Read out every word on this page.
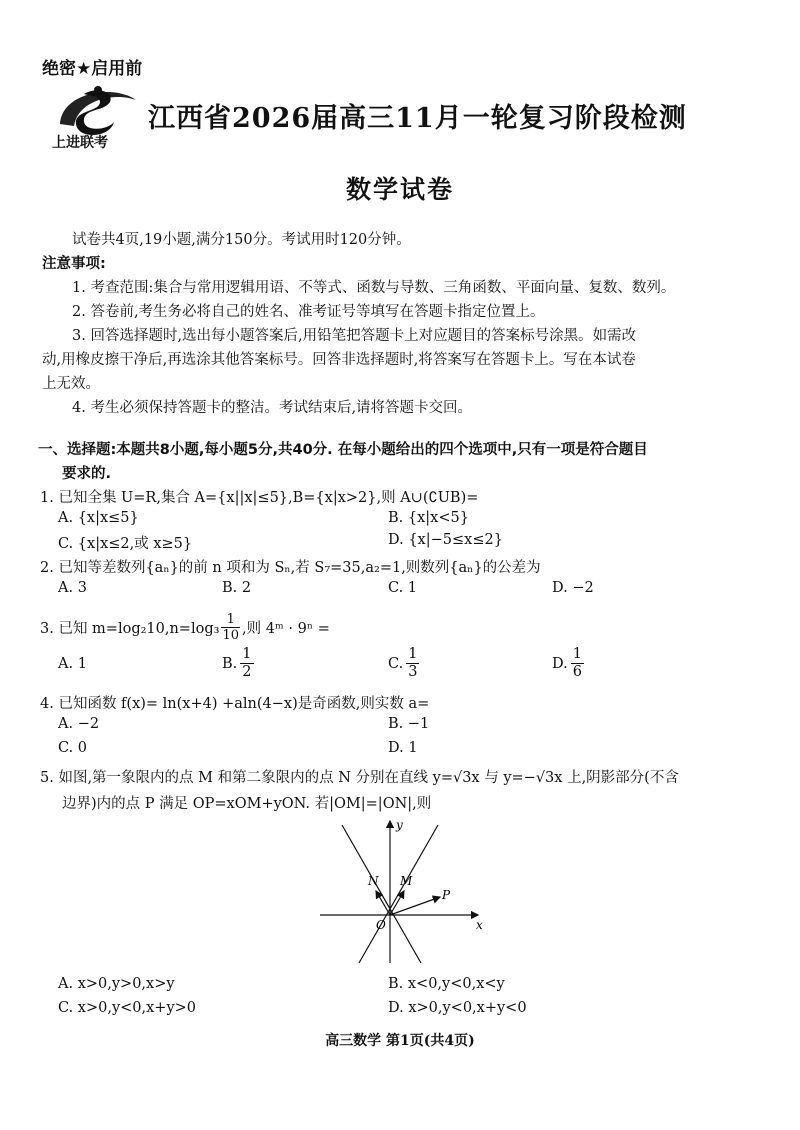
绝密★启用前
上进联考
江西省2026届高三11月一轮复习阶段检测
数学试卷
试卷共4页,19小题,满分150分。考试用时120分钟。
注意事项:
1. 考查范围:集合与常用逻辑用语、不等式、函数与导数、三角函数、平面向量、复数、数列。
2. 答卷前,考生务必将自己的姓名、准考证号等填写在答题卡指定位置上。
3. 回答选择题时,选出每小题答案后,用铅笔把答题卡上对应题目的答案标号涂黑。如需改
动,用橡皮擦干净后,再选涂其他答案标号。回答非选择题时,将答案写在答题卡上。写在本试卷
上无效。
4. 考生必须保持答题卡的整洁。考试结束后,请将答题卡交回。
一、选择题:本题共8小题,每小题5分,共40分. 在每小题给出的四个选项中,只有一项是符合题目
要求的.
1. 已知全集 U=R,集合 A={x||x|≤5},B={x|x>2},则 A∪(∁UB)=
A. {x|x≤5}	B. {x|x<5}
C. {x|x≤2,或 x≥5}	D. {x|−5≤x≤2}
2. 已知等差数列{aₙ}的前 n 项和为 Sₙ,若 S₇=35,a₂=1,则数列{aₙ}的公差为
A. 3	B. 2	C. 1	D. −2
3. 已知 $m=\log_210,n=\log_3 \frac{1}{10}$ ,则 4ᵐ · 9ⁿ =
A. 1	B. $\frac{1}{2}$	C. $\frac{1}{3}$	D. $\frac{1}{6}$
4. 已知函数 f(x)= ln(x+4) +aln(4−x)是奇函数,则实数 a=
A. −2	B. −1
C. 0	D. 1
5. 如图,第一象限内的点 M 和第二象限内的点 N 分别在直线 y=√3x 与 y=−√3x 上,阴影部分(不含
边界)内的点 P 满足 OP=xOM+yON. 若|OM|=|ON|,则
y
x
O
N M
P
A. x>0,y>0,x>y	B. x<0,y<0,x<y
C. x>0,y<0,x+y>0	D. x>0,y<0,x+y<0
高三数学 第1页(共4页)
